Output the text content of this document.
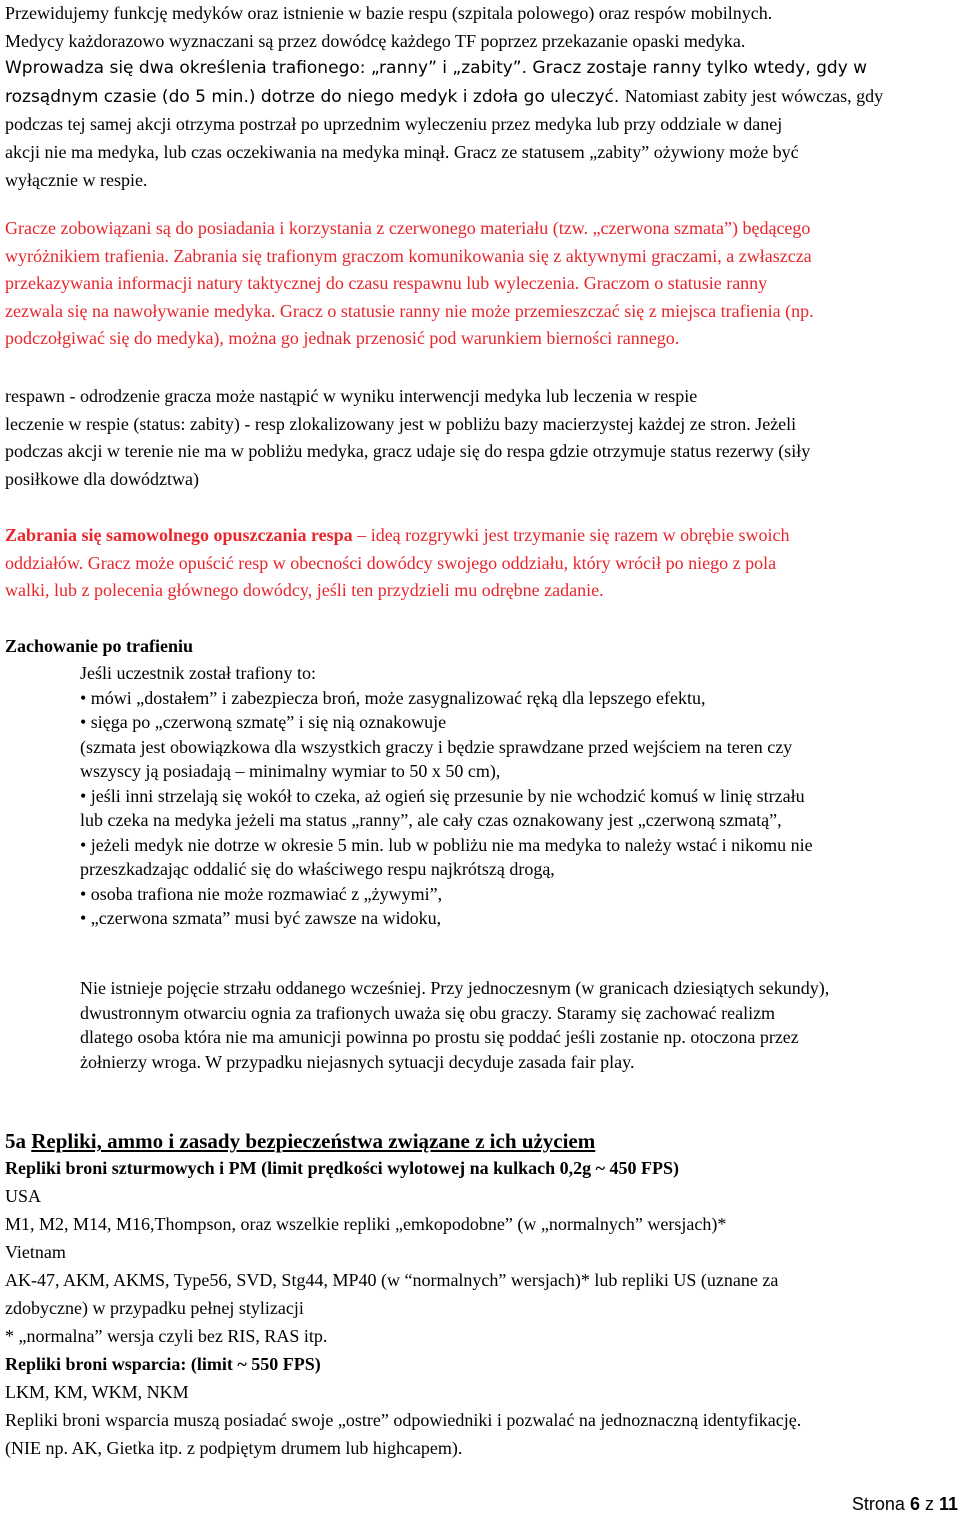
Przewidujemy funkcję medyków oraz istnienie w bazie respu (szpitala polowego) oraz respów mobilnych.
Medycy każdorazowo wyznaczani są przez dowódcę każdego TF poprzez przekazanie opaski medyka.
Wprowadza się dwa określenia trafionego: „ranny” i „zabity”. Gracz zostaje ranny tylko wtedy, gdy w
rozsądnym czasie (do 5 min.) dotrze do niego medyk i zdoła go uleczyć. Natomiast zabity jest wówczas, gdy
podczas tej samej akcji otrzyma postrzał po uprzednim wyleczeniu przez medyka lub przy oddziale w danej
akcji nie ma medyka, lub czas oczekiwania na medyka minął. Gracz ze statusem „zabity” ożywiony może być
wyłącznie w respie.
Gracze zobowiązani są do posiadania i korzystania z czerwonego materiału (tzw. „czerwona szmata”) będącego
wyróżnikiem trafienia. Zabrania się trafionym graczom komunikowania się z aktywnymi graczami, a zwłaszcza
przekazywania informacji natury taktycznej do czasu respawnu lub wyleczenia. Graczom o statusie ranny
zezwala się na nawoływanie medyka. Gracz o statusie ranny nie może przemieszczać się z miejsca trafienia (np.
podczołgiwać się do medyka), można go jednak przenosić pod warunkiem bierności rannego.
respawn - odrodzenie gracza może nastąpić w wyniku interwencji medyka lub leczenia w respie
leczenie w respie (status: zabity) - resp zlokalizowany jest w pobliżu bazy macierzystej każdej ze stron. Jeżeli
podczas akcji w terenie nie ma w pobliżu medyka, gracz udaje się do respa gdzie otrzymuje status rezerwy (siły
posiłkowe dla dowództwa)
Zabrania się samowolnego opuszczania respa – ideą rozgrywki jest trzymanie się razem w obrębie swoich
oddziałów. Gracz może opuścić resp w obecności dowódcy swojego oddziału, który wrócił po niego z pola
walki, lub z polecenia głównego dowódcy, jeśli ten przydzieli mu odrębne zadanie.
Zachowanie po trafieniu
Jeśli uczestnik został trafiony to:
• mówi „dostałem” i zabezpiecza broń, może zasygnalizować ręką dla lepszego efektu,
• sięga po „czerwoną szmatę” i się nią oznakowuje
(szmata jest obowiązkowa dla wszystkich graczy i będzie sprawdzane przed wejściem na teren czy
wszyscy ją posiadają – minimalny wymiar to 50 x 50 cm),
• jeśli inni strzelają się wokół to czeka, aż ogień się przesunie by nie wchodzić komuś w linię strzału
lub czeka na medyka jeżeli ma status „ranny”, ale cały czas oznakowany jest „czerwoną szmatą”,
• jeżeli medyk nie dotrze w okresie 5 min. lub w pobliżu nie ma medyka to należy wstać i nikomu nie
przeszkadzając oddalić się do właściwego respu najkrótszą drogą,
• osoba trafiona nie może rozmawiać z „żywymi”,
• „czerwona szmata” musi być zawsze na widoku,
Nie istnieje pojęcie strzału oddanego wcześniej. Przy jednoczesnym (w granicach dziesiątych sekundy),
dwustronnym otwarciu ognia za trafionych uważa się obu graczy. Staramy się zachować realizm
dlatego osoba która nie ma amunicji powinna po prostu się poddać jeśli zostanie np. otoczona przez
żołnierzy wroga. W przypadku niejasnych sytuacji decyduje zasada fair play.
5a Repliki, ammo i zasady bezpieczeństwa związane z ich użyciem
Repliki broni szturmowych i PM (limit prędkości wylotowej na kulkach 0,2g ~ 450 FPS)
USA
M1, M2, M14, M16,Thompson, oraz wszelkie repliki „emkopodobne” (w „normalnych” wersjach)*
Vietnam
AK-47, AKM, AKMS, Type56, SVD, Stg44, MP40 (w “normalnych” wersjach)* lub repliki US (uznane za
zdobyczne) w przypadku pełnej stylizacji
* „normalna” wersja czyli bez RIS, RAS itp.
Repliki broni wsparcia: (limit ~ 550 FPS)
LKM, KM, WKM, NKM
Repliki broni wsparcia muszą posiadać swoje „ostre” odpowiedniki i pozwalać na jednoznaczną identyfikację.
(NIE np. AK, Gietka itp. z podpiętym drumem lub highcapem).
Strona 6 z 11
